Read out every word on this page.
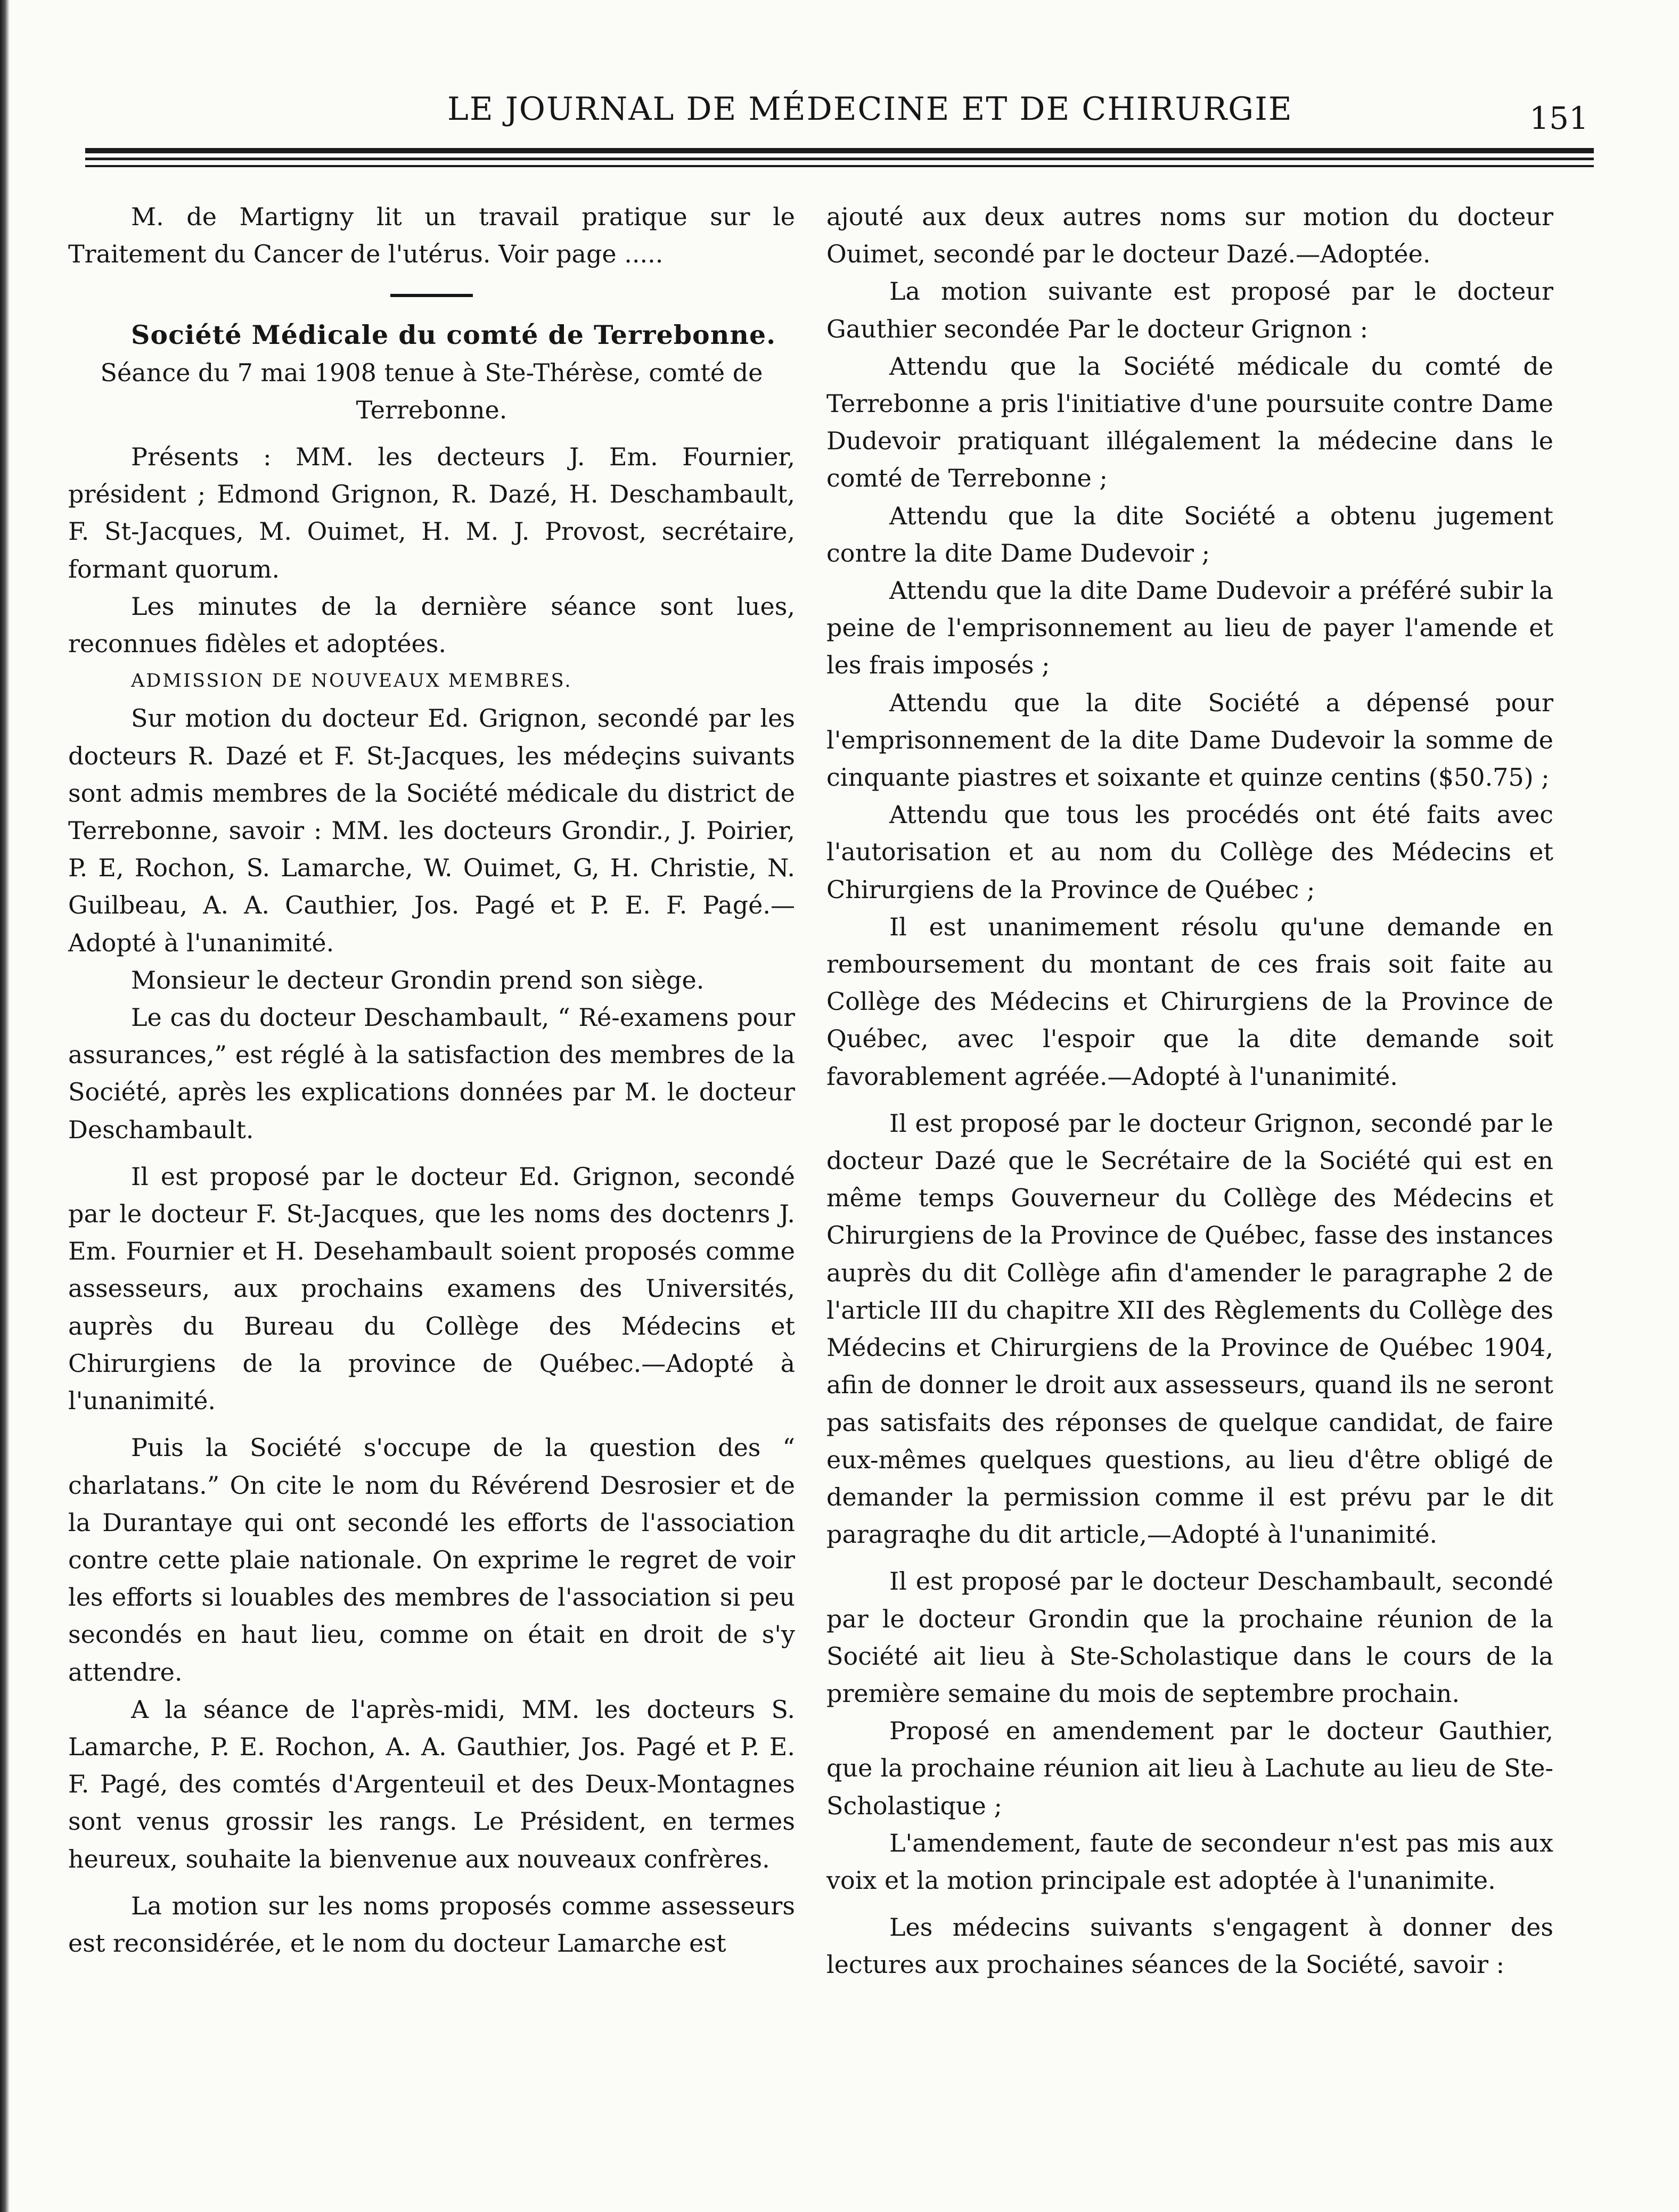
LE JOURNAL DE MÉDECINE ET DE CHIRURGIE	151

M. de Martigny lit un travail pratique sur le Traitement du Cancer de l'utérus. Voir page .....

Société Médicale du comté de Terrebonne.

Séance du 7 mai 1908 tenue à Ste-Thérèse, comté de Terrebonne.

Présents : MM. les decteurs J. Em. Fournier, président ; Edmond Grignon, R. Dazé, H. Deschambault, F. St-Jacques, M. Ouimet, H. M. J. Provost, secrétaire, formant quorum.

Les minutes de la dernière séance sont lues, reconnues fidèles et adoptées.

ADMISSION DE NOUVEAUX MEMBRES.

Sur motion du docteur Ed. Grignon, secondé par les docteurs R. Dazé et F. St-Jacques, les médeçins suivants sont admis membres de la Société médicale du district de Terrebonne, savoir : MM. les docteurs Grondir., J. Poirier, P. E, Rochon, S. Lamarche, W. Ouimet, G, H. Christie, N. Guilbeau, A. A. Cauthier, Jos. Pagé et P. E. F. Pagé.—Adopté à l'unanimité.

Monsieur le decteur Grondin prend son siège.

Le cas du docteur Deschambault, “ Ré-examens pour assurances,” est réglé à la satisfaction des membres de la Société, après les explications données par M. le docteur Deschambault.

Il est proposé par le docteur Ed. Grignon, secondé par le docteur F. St-Jacques, que les noms des doctenrs J. Em. Fournier et H. Desehambault soient proposés comme assesseurs, aux prochains examens des Universités, auprès du Bureau du Collège des Médecins et Chirurgiens de la province de Québec.—Adopté à l'unanimité.

Puis la Société s'occupe de la question des “ charlatans.” On cite le nom du Révérend Desrosier et de la Durantaye qui ont secondé les efforts de l'association contre cette plaie nationale. On exprime le regret de voir les efforts si louables des membres de l'association si peu secondés en haut lieu, comme on était en droit de s'y attendre.

A la séance de l'après-midi, MM. les docteurs S. Lamarche, P. E. Rochon, A. A. Gauthier, Jos. Pagé et P. E. F. Pagé, des comtés d'Argenteuil et des Deux-Montagnes sont venus grossir les rangs. Le Président, en termes heureux, souhaite la bienvenue aux nouveaux confrères.

La motion sur les noms proposés comme assesseurs est reconsidérée, et le nom du docteur Lamarche est

ajouté aux deux autres noms sur motion du docteur Ouimet, secondé par le docteur Dazé.—Adoptée.

La motion suivante est proposé par le docteur Gauthier secondée Par le docteur Grignon :

Attendu que la Société médicale du comté de Terrebonne a pris l'initiative d'une poursuite contre Dame Dudevoir pratiquant illégalement la médecine dans le comté de Terrebonne ;

Attendu que la dite Société a obtenu jugement contre la dite Dame Dudevoir ;

Attendu que la dite Dame Dudevoir a préféré subir la peine de l'emprisonnement au lieu de payer l'amende et les frais imposés ;

Attendu que la dite Société a dépensé pour l'emprisonnement de la dite Dame Dudevoir la somme de cinquante piastres et soixante et quinze centins ($50.75) ;

Attendu que tous les procédés ont été faits avec l'autorisation et au nom du Collège des Médecins et Chirurgiens de la Province de Québec ;

Il est unanimement résolu qu'une demande en remboursement du montant de ces frais soit faite au Collège des Médecins et Chirurgiens de la Province de Québec, avec l'espoir que la dite demande soit favorablement agréée.—Adopté à l'unanimité.

Il est proposé par le docteur Grignon, secondé par le docteur Dazé que le Secrétaire de la Société qui est en même temps Gouverneur du Collège des Médecins et Chirurgiens de la Province de Québec, fasse des instances auprès du dit Collège afin d'amender le paragraphe 2 de l'article III du chapitre XII des Règlements du Collège des Médecins et Chirurgiens de la Province de Québec 1904, afin de donner le droit aux assesseurs, quand ils ne seront pas satisfaits des réponses de quelque candidat, de faire eux-mêmes quelques questions, au lieu d'être obligé de demander la permission comme il est prévu par le dit paragraqhe du dit article,—Adopté à l'unanimité.

Il est proposé par le docteur Deschambault, secondé par le docteur Grondin que la prochaine réunion de la Société ait lieu à Ste-Scholastique dans le cours de la première semaine du mois de septembre prochain.

Proposé en amendement par le docteur Gauthier, que la prochaine réunion ait lieu à Lachute au lieu de Ste-Scholastique ;

L'amendement, faute de secondeur n'est pas mis aux voix et la motion principale est adoptée à l'unanimite.

Les médecins suivants s'engagent à donner des lectures aux prochaines séances de la Société, savoir :
